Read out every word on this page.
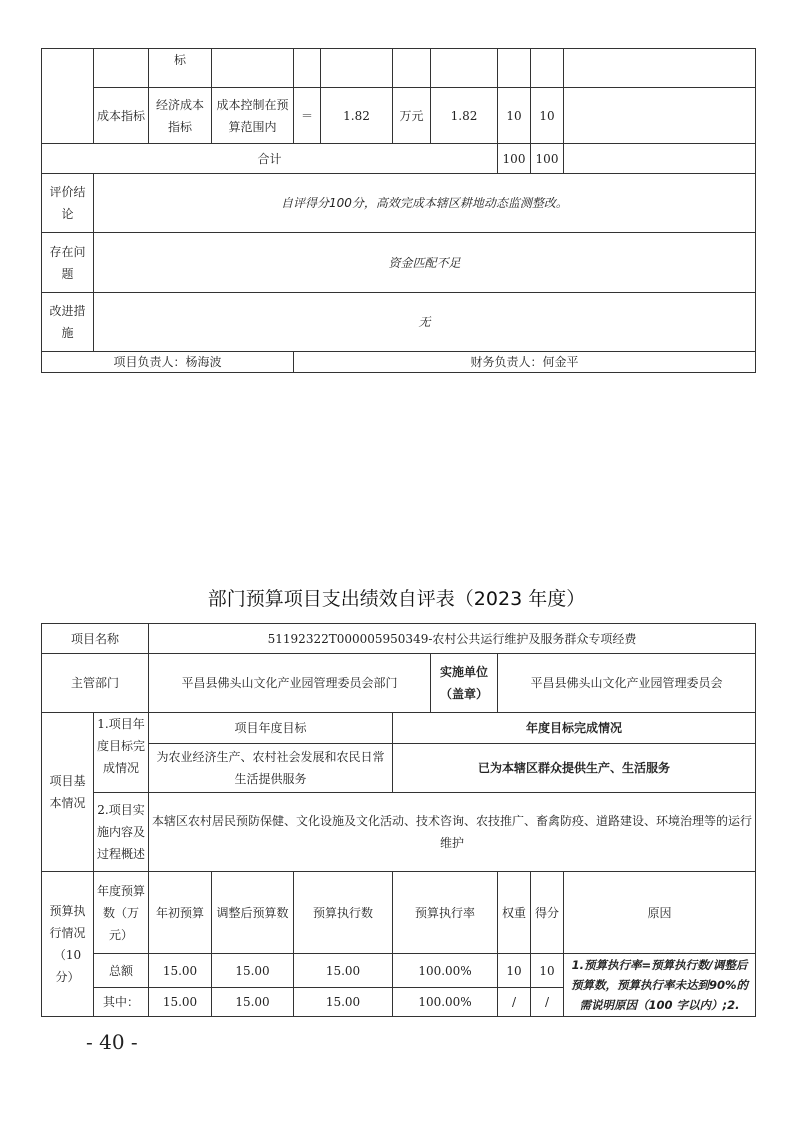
		标								
	成本指标	经济成本指标	成本控制在预算范围内	＝	1.82	万元	1.82	10	10	
合计								100	100	
评价结论	自评得分100分，高效完成本辖区耕地动态监测整改。									
存在问题	资金匹配不足									
改进措施	无									
项目负责人：杨海波				财务负责人：何金平						
部门预算项目支出绩效自评表（2023 年度）
项目名称		51192322T000005950349-农村公共运行维护及服务群众专项经费							
主管部门		平昌县佛头山文化产业园管理委员会部门				实施单位（盖章）	平昌县佛头山文化产业园管理委员会		
项目基本情况	1.项目年度目标完成情况	项目年度目标			年度目标完成情况				
		为农业经济生产、农村社会发展和农民日常生活提供服务			已为本辖区群众提供生产、生活服务				
	2.项目实施内容及过程概述	本辖区农村居民预防保健、文化设施及文化活动、技术咨询、农技推广、畜禽防疫、道路建设、环境治理等的运行维护							
预算执行情况（10分）	年度预算数（万元）	年初预算	调整后预算数	预算执行数	预算执行率		权重	得分	原因
	总额	15.00	15.00	15.00	100.00%		10	10	1.预算执行率=预算执行数/调整后预算数，预算执行率未达到90%的需说明原因（100 字以内）;2.
	其中：	15.00	15.00	15.00	100.00%		/	/	
- 40 -
